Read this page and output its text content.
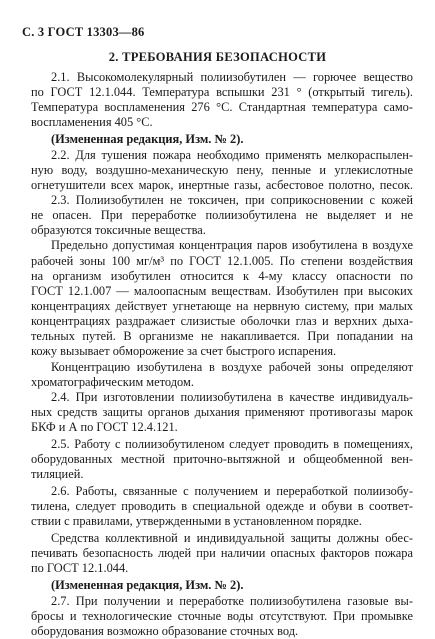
С. 3 ГОСТ 13303—86
2. ТРЕБОВАНИЯ БЕЗОПАСНОСТИ
2.1. Высокомолекулярный полиизобутилен — горючее вещество
по ГОСТ 12.1.044. Температура вспышки 231 ° (открытый тигель).
Температура воспламенения 276 °С. Стандартная температура само-
воспламенения 405 °С.
(Измененная редакция, Изм. № 2).
2.2. Для тушения пожара необходимо применять мелкораспылен-
ную воду, воздушно-механическую пену, пенные и углекислотные
огнетушители всех марок, инертные газы, асбестовое полотно, песок.
2.3. Полиизобутилен не токсичен, при соприкосновении с кожей
не опасен. При переработке полиизобутилена не выделяет и не
образуются токсичные вещества.
Предельно допустимая концентрация паров изобутилена в воздухе
рабочей зоны 100 мг/м³ по ГОСТ 12.1.005. По степени воздействия
на организм изобутилен относится к 4-му классу опасности по
ГОСТ 12.1.007 — малоопасным веществам. Изобутилен при высоких
концентрациях действует угнетающе на нервную систему, при малых
концентрациях раздражает слизистые оболочки глаз и верхних дыха-
тельных путей. В организме не накапливается. При попадании на
кожу вызывает обморожение за счет быстрого испарения.
Концентрацию изобутилена в воздухе рабочей зоны определяют
хроматографическим методом.
2.4. При изготовлении полиизобутилена в качестве индивидуаль-
ных средств защиты органов дыхания применяют противогазы марок
БКФ и А по ГОСТ 12.4.121.
2.5. Работу с полиизобутиленом следует проводить в помещениях,
оборудованных местной приточно-вытяжной и общеобменной вен-
тиляцией.
2.6. Работы, связанные с получением и переработкой полиизобу-
тилена, следует проводить в специальной одежде и обуви в соответ-
ствии с правилами, утвержденными в установленном порядке.
Средства коллективной и индивидуальной защиты должны обес-
печивать безопасность людей при наличии опасных факторов пожара
по ГОСТ 12.1.044.
(Измененная редакция, Изм. № 2).
2.7. При получении и переработке полиизобутилена газовые вы-
бросы и технологические сточные воды отсутствуют. При промывке
оборудования возможно образование сточных вод.
